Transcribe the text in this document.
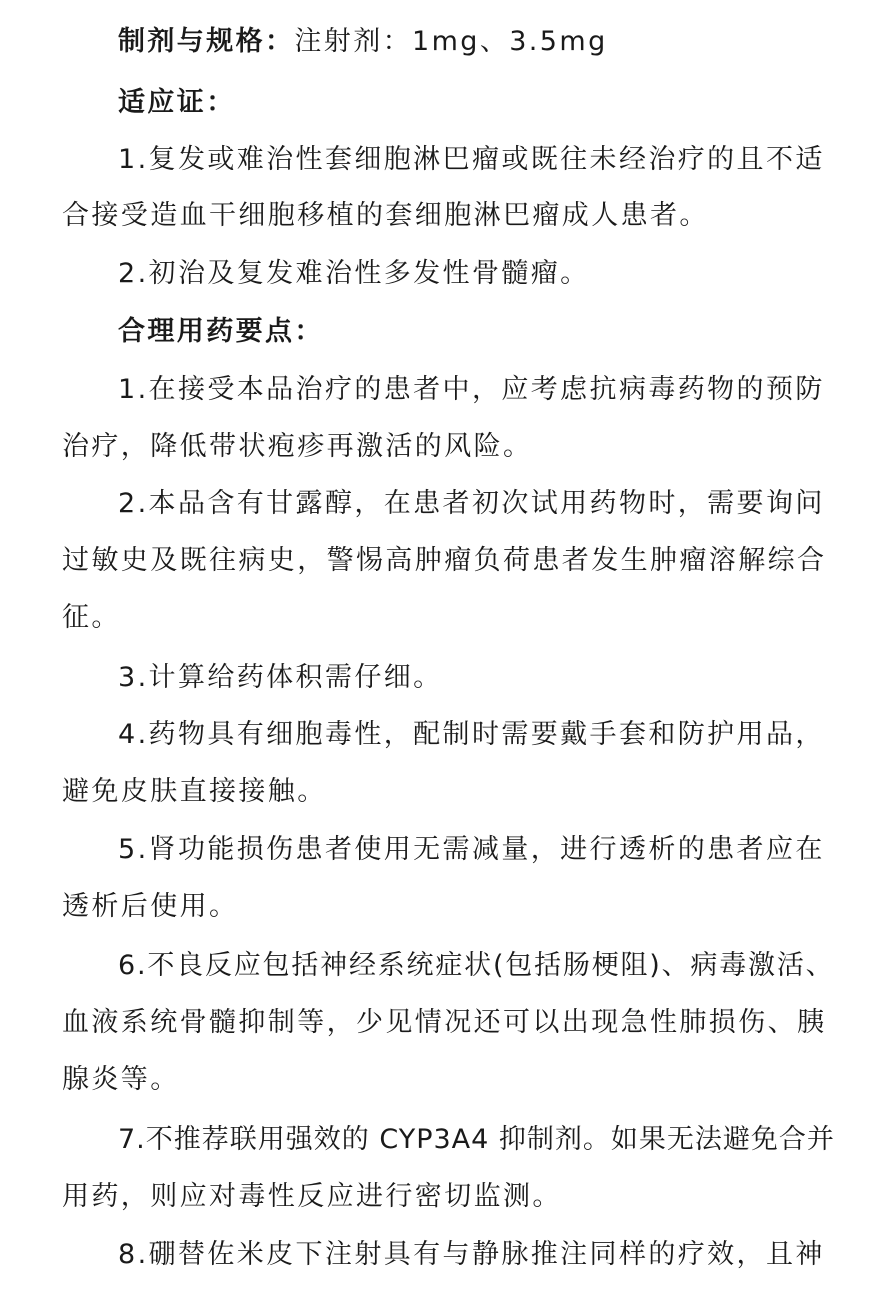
制剂与规格：注射剂：1mg、3.5mg
适应证：
1.复发或难治性套细胞淋巴瘤或既往未经治疗的且不适
合接受造血干细胞移植的套细胞淋巴瘤成人患者。
2.初治及复发难治性多发性骨髓瘤。
合理用药要点：
1.在接受本品治疗的患者中，应考虑抗病毒药物的预防
治疗，降低带状疱疹再激活的风险。
2.本品含有甘露醇，在患者初次试用药物时，需要询问
过敏史及既往病史，警惕高肿瘤负荷患者发生肿瘤溶解综合
征。
3.计算给药体积需仔细。
4.药物具有细胞毒性，配制时需要戴手套和防护用品，
避免皮肤直接接触。
5.肾功能损伤患者使用无需减量，进行透析的患者应在
透析后使用。
6.不良反应包括神经系统症状(包括肠梗阻)、病毒激活、
血液系统骨髓抑制等，少见情况还可以出现急性肺损伤、胰
腺炎等。
7.不推荐联用强效的 CYP3A4 抑制剂。如果无法避免合并
用药，则应对毒性反应进行密切监测。
8.硼替佐米皮下注射具有与静脉推注同样的疗效，且神
